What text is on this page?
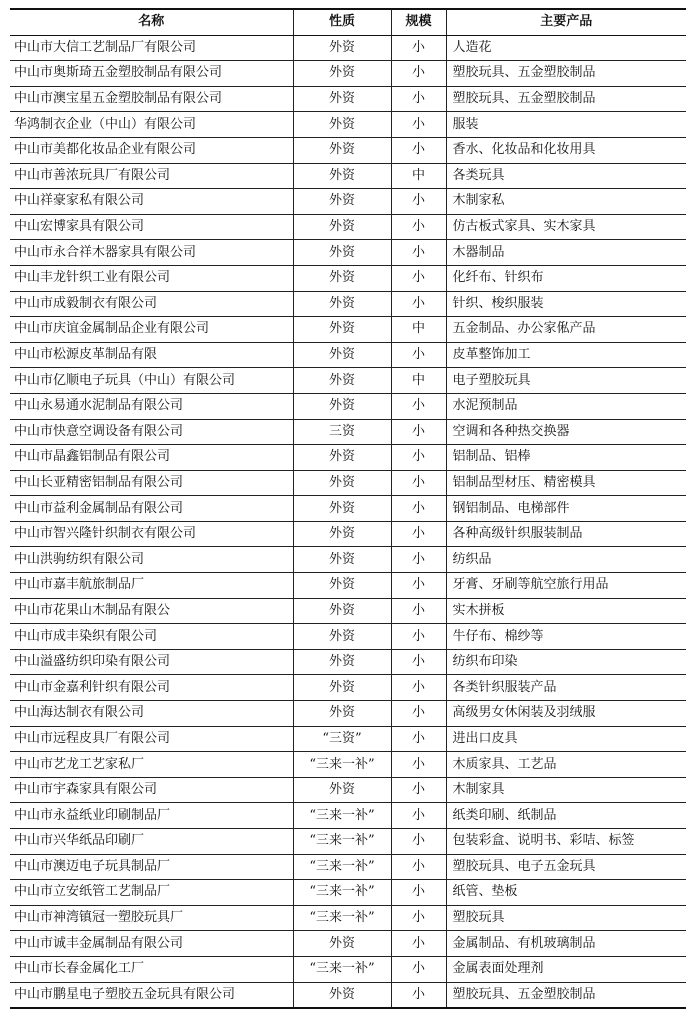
名称	性质	规模	主要产品
中山市大信工艺制品厂有限公司	外资	小	人造花
中山市奥斯琦五金塑胶制品有限公司	外资	小	塑胶玩具、五金塑胶制品
中山市澳宝星五金塑胶制品有限公司	外资	小	塑胶玩具、五金塑胶制品
华鸿制衣企业（中山）有限公司	外资	小	服装
中山市美都化妆品企业有限公司	外资	小	香水、化妆品和化妆用具
中山市善浓玩具厂有限公司	外资	中	各类玩具
中山祥豪家私有限公司	外资	小	木制家私
中山宏博家具有限公司	外资	小	仿古板式家具、实木家具
中山市永合祥木器家具有限公司	外资	小	木器制品
中山丰龙针织工业有限公司	外资	小	化纤布、针织布
中山市成毅制衣有限公司	外资	小	针织、梭织服装
中山市庆谊金属制品企业有限公司	外资	中	五金制品、办公家俬产品
中山市松源皮革制品有限	外资	小	皮革整饰加工
中山市亿顺电子玩具（中山）有限公司	外资	中	电子塑胶玩具
中山永易通水泥制品有限公司	外资	小	水泥预制品
中山市快意空调设备有限公司	三资	小	空调和各种热交换器
中山市晶鑫铝制品有限公司	外资	小	铝制品、铝棒
中山长亚精密铝制品有限公司	外资	小	铝制品型材压、精密模具
中山市益利金属制品有限公司	外资	小	钢铝制品、电梯部件
中山市智兴隆针织制衣有限公司	外资	小	各种高级针织服装制品
中山洪驹纺织有限公司	外资	小	纺织品
中山市嘉丰航旅制品厂	外资	小	牙膏、牙刷等航空旅行用品
中山市花果山木制品有限公	外资	小	实木拼板
中山市成丰染织有限公司	外资	小	牛仔布、棉纱等
中山溢盛纺织印染有限公司	外资	小	纺织布印染
中山市金嘉利针织有限公司	外资	小	各类针织服装产品
中山海达制衣有限公司	外资	小	高级男女休闲装及羽绒服
中山市远程皮具厂有限公司	“三资”	小	进出口皮具
中山市艺龙工艺家私厂	“三来一补”	小	木质家具、工艺品
中山市宇森家具有限公司	外资	小	木制家具
中山市永益纸业印刷制品厂	“三来一补”	小	纸类印刷、纸制品
中山市兴华纸品印刷厂	“三来一补”	小	包装彩盒、说明书、彩咭、标签
中山市澳迈电子玩具制品厂	“三来一补”	小	塑胶玩具、电子五金玩具
中山市立安纸管工艺制品厂	“三来一补”	小	纸管、垫板
中山市神湾镇冠一塑胶玩具厂	“三来一补”	小	塑胶玩具
中山市诚丰金属制品有限公司	外资	小	金属制品、有机玻璃制品
中山市长春金属化工厂	“三来一补”	小	金属表面处理剂
中山市鹏星电子塑胶五金玩具有限公司	外资	小	塑胶玩具、五金塑胶制品
